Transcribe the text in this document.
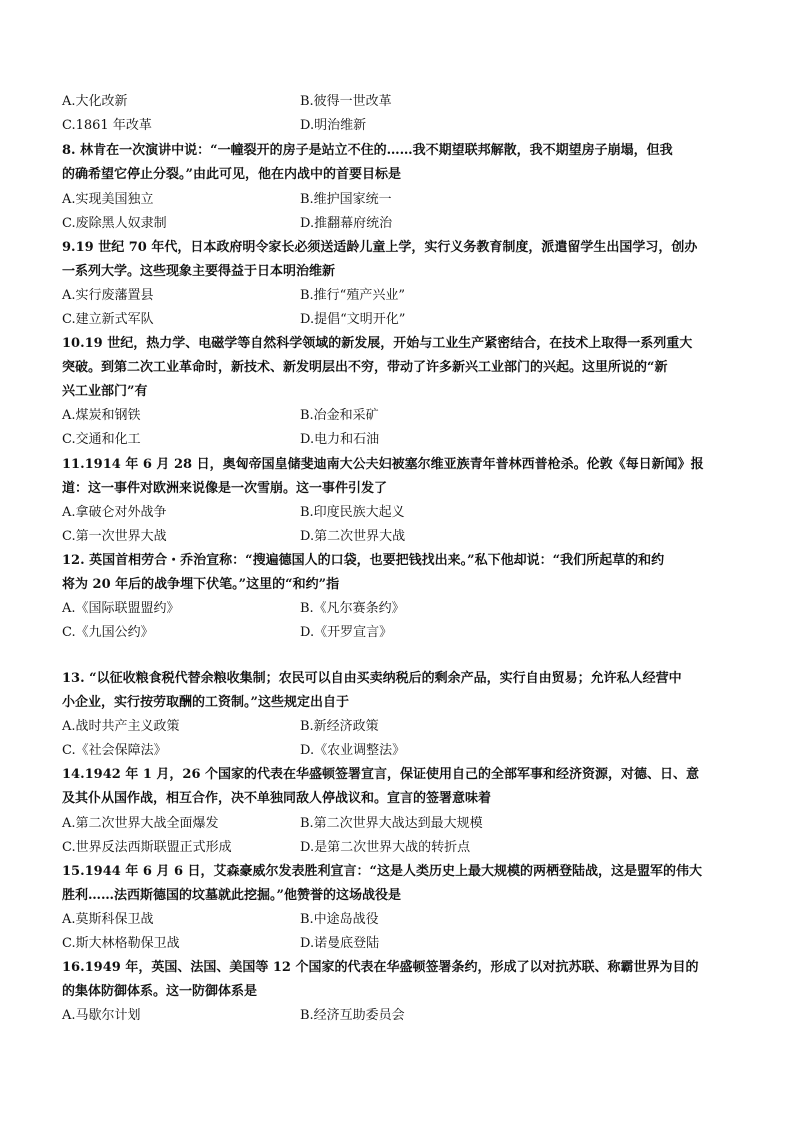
A.大化改新	B.彼得一世改革
C.1861 年改革	D.明治维新
8. 林肯在一次演讲中说：“一幢裂开的房子是站立不住的……我不期望联邦解散，我不期望房子崩塌，但我
的确希望它停止分裂。”由此可见，他在内战中的首要目标是
A.实现美国独立	B.维护国家统一
C.废除黑人奴隶制	D.推翻幕府统治
9.19 世纪 70 年代，日本政府明令家长必须送适龄儿童上学，实行义务教育制度，派遣留学生出国学习，创办
一系列大学。这些现象主要得益于日本明治维新
A.实行废藩置县	B.推行“殖产兴业”
C.建立新式军队	D.提倡“文明开化”
10.19 世纪，热力学、电磁学等自然科学领域的新发展，开始与工业生产紧密结合，在技术上取得一系列重大
突破。到第二次工业革命时，新技术、新发明层出不穷，带动了许多新兴工业部门的兴起。这里所说的“新
兴工业部门”有
A.煤炭和钢铁	B.冶金和采矿
C.交通和化工	D.电力和石油
11.1914 年 6 月 28 日，奥匈帝国皇储斐迪南大公夫妇被塞尔维亚族青年普林西普枪杀。伦敦《每日新闻》报
道：这一事件对欧洲来说像是一次雪崩。这一事件引发了
A.拿破仑对外战争	B.印度民族大起义
C.第一次世界大战	D.第二次世界大战
12. 英国首相劳合・乔治宣称：“搜遍德国人的口袋，也要把钱找出来。”私下他却说：“我们所起草的和约
将为 20 年后的战争埋下伏笔。”这里的“和约”指
A.《国际联盟盟约》	B.《凡尔赛条约》
C.《九国公约》	D.《开罗宣言》
13. “以征收粮食税代替余粮收集制；农民可以自由买卖纳税后的剩余产品，实行自由贸易；允许私人经营中
小企业，实行按劳取酬的工资制。”这些规定出自于
A.战时共产主义政策	B.新经济政策
C.《社会保障法》	D.《农业调整法》
14.1942 年 1 月，26 个国家的代表在华盛顿签署宣言，保证使用自己的全部军事和经济资源，对德、日、意
及其仆从国作战，相互合作，决不单独同敌人停战议和。宣言的签署意味着
A.第二次世界大战全面爆发	B.第二次世界大战达到最大规模
C.世界反法西斯联盟正式形成	D.是第二次世界大战的转折点
15.1944 年 6 月 6 日，艾森豪威尔发表胜利宣言：“这是人类历史上最大规模的两栖登陆战，这是盟军的伟大
胜利……法西斯德国的坟墓就此挖掘。”他赞誉的这场战役是
A.莫斯科保卫战	B.中途岛战役
C.斯大林格勒保卫战	D.诺曼底登陆
16.1949 年，英国、法国、美国等 12 个国家的代表在华盛顿签署条约，形成了以对抗苏联、称霸世界为目的
的集体防御体系。这一防御体系是
A.马歇尔计划	B.经济互助委员会
